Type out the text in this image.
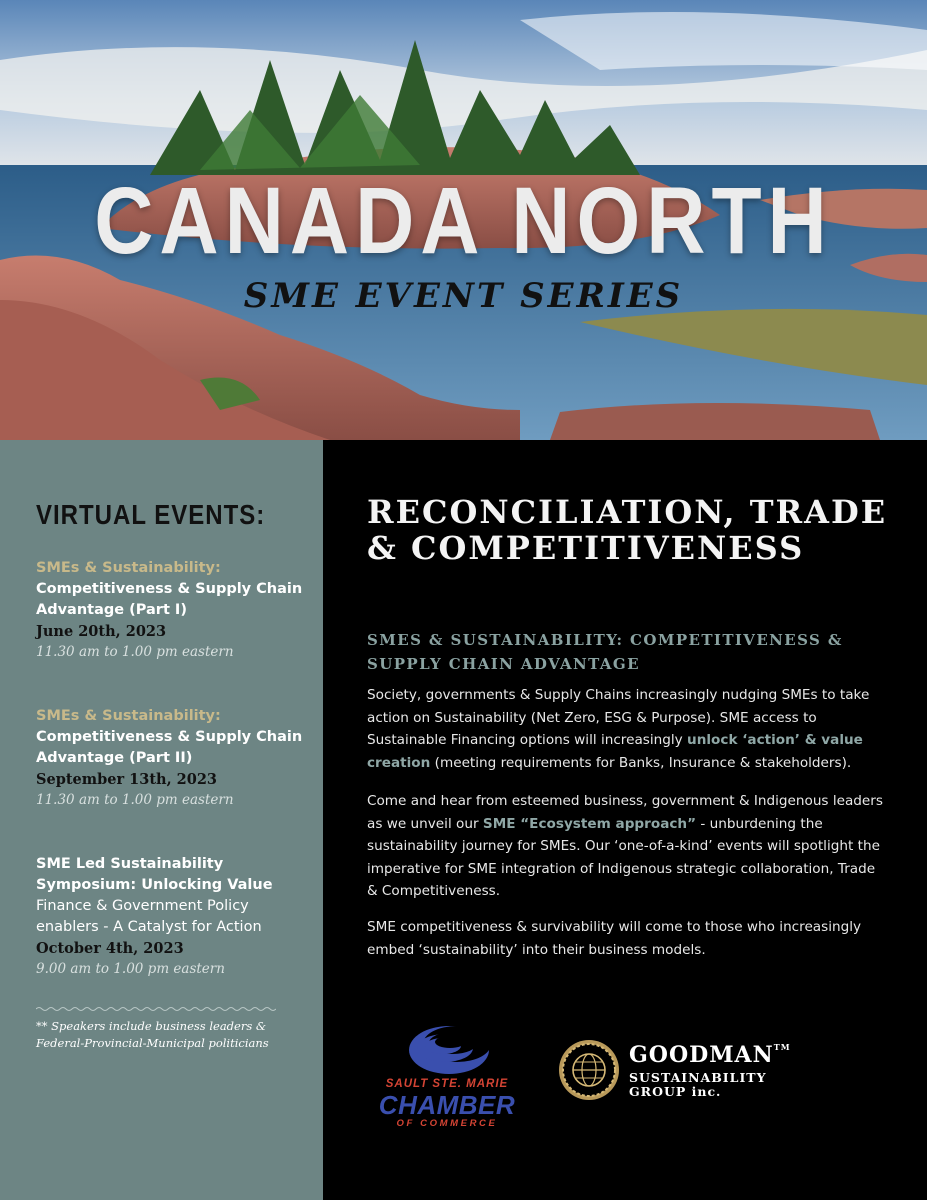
CANADA NORTH
SME EVENT SERIES
VIRTUAL EVENTS:
SMEs & Sustainability:
Competitiveness & Supply Chain Advantage (Part I)
June 20th, 2023
11.30 am to 1.00 pm eastern
SMEs & Sustainability:
Competitiveness & Supply Chain Advantage (Part II)
September 13th, 2023
11.30 am to 1.00 pm eastern
SME Led Sustainability Symposium: Unlocking Value
Finance & Government Policy enablers - A Catalyst for Action
October 4th, 2023
9.00 am to 1.00 pm eastern
** Speakers include business leaders & Federal-Provincial-Municipal politicians
RECONCILIATION, TRADE & COMPETITIVENESS
SMES & SUSTAINABILITY: COMPETITIVENESS & SUPPLY CHAIN ADVANTAGE
Society, governments & Supply Chains increasingly nudging SMEs to take action on Sustainability (Net Zero, ESG & Purpose). SME access to Sustainable Financing options will increasingly unlock ‘action’ & value creation (meeting requirements for Banks, Insurance & stakeholders).
Come and hear from esteemed business, government & Indigenous leaders as we unveil our SME “Ecosystem approach” - unburdening the sustainability journey for SMEs. Our ‘one-of-a-kind’ events will spotlight the imperative for SME integration of Indigenous strategic collaboration, Trade & Competitiveness.
SME competitiveness & survivability will come to those who increasingly embed ‘sustainability’ into their business models.
SAULT STE. MARIE
CHAMBER
OF COMMERCE
GOODMAN™
SUSTAINABILITY
GROUP inc.
